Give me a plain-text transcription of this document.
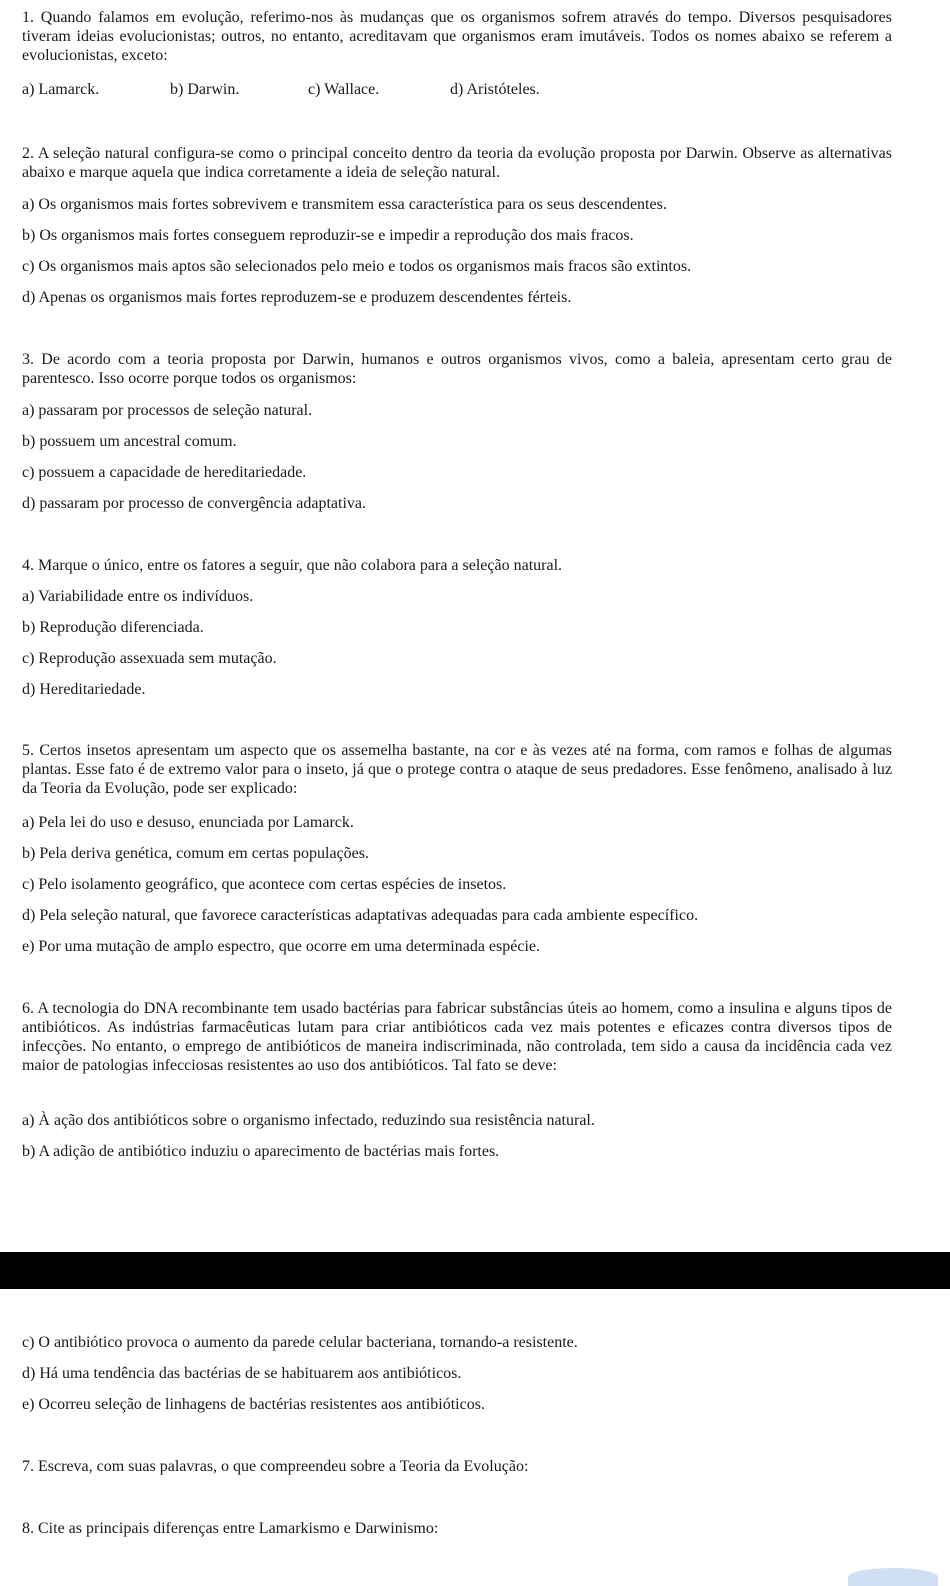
1. Quando falamos em evolução, referimo-nos às mudanças que os organismos sofrem através do tempo. Diversos pesquisadores tiveram ideias evolucionistas; outros, no entanto, acreditavam que organismos eram imutáveis. Todos os nomes abaixo se referem a evolucionistas, exceto:

a) Lamarck.	b) Darwin.	c) Wallace.	d) Aristóteles.

2. A seleção natural configura-se como o principal conceito dentro da teoria da evolução proposta por Darwin. Observe as alternativas abaixo e marque aquela que indica corretamente a ideia de seleção natural.

a) Os organismos mais fortes sobrevivem e transmitem essa característica para os seus descendentes.

b) Os organismos mais fortes conseguem reproduzir-se e impedir a reprodução dos mais fracos.

c) Os organismos mais aptos são selecionados pelo meio e todos os organismos mais fracos são extintos.

d) Apenas os organismos mais fortes reproduzem-se e produzem descendentes férteis.

3. De acordo com a teoria proposta por Darwin, humanos e outros organismos vivos, como a baleia, apresentam certo grau de parentesco. Isso ocorre porque todos os organismos:

a) passaram por processos de seleção natural.

b) possuem um ancestral comum.

c) possuem a capacidade de hereditariedade.

d) passaram por processo de convergência adaptativa.

4. Marque o único, entre os fatores a seguir, que não colabora para a seleção natural.

a) Variabilidade entre os indivíduos.

b) Reprodução diferenciada.

c) Reprodução assexuada sem mutação.

d) Hereditariedade.

5. Certos insetos apresentam um aspecto que os assemelha bastante, na cor e às vezes até na forma, com ramos e folhas de algumas plantas. Esse fato é de extremo valor para o inseto, já que o protege contra o ataque de seus predadores. Esse fenômeno, analisado à luz da Teoria da Evolução, pode ser explicado:

a) Pela lei do uso e desuso, enunciada por Lamarck.

b) Pela deriva genética, comum em certas populações.

c) Pelo isolamento geográfico, que acontece com certas espécies de insetos.

d) Pela seleção natural, que favorece características adaptativas adequadas para cada ambiente específico.

e) Por uma mutação de amplo espectro, que ocorre em uma determinada espécie.

6. A tecnologia do DNA recombinante tem usado bactérias para fabricar substâncias úteis ao homem, como a insulina e alguns tipos de antibióticos. As indústrias farmacêuticas lutam para criar antibióticos cada vez mais potentes e eficazes contra diversos tipos de infecções. No entanto, o emprego de antibióticos de maneira indiscriminada, não controlada, tem sido a causa da incidência cada vez maior de patologias infecciosas resistentes ao uso dos antibióticos. Tal fato se deve:

a) À ação dos antibióticos sobre o organismo infectado, reduzindo sua resistência natural.

b) A adição de antibiótico induziu o aparecimento de bactérias mais fortes.

c) O antibiótico provoca o aumento da parede celular bacteriana, tornando-a resistente.

d) Há uma tendência das bactérias de se habituarem aos antibióticos.

e) Ocorreu seleção de linhagens de bactérias resistentes aos antibióticos.

7. Escreva, com suas palavras, o que compreendeu sobre a Teoria da Evolução:

8. Cite as principais diferenças entre Lamarkismo e Darwinismo:
